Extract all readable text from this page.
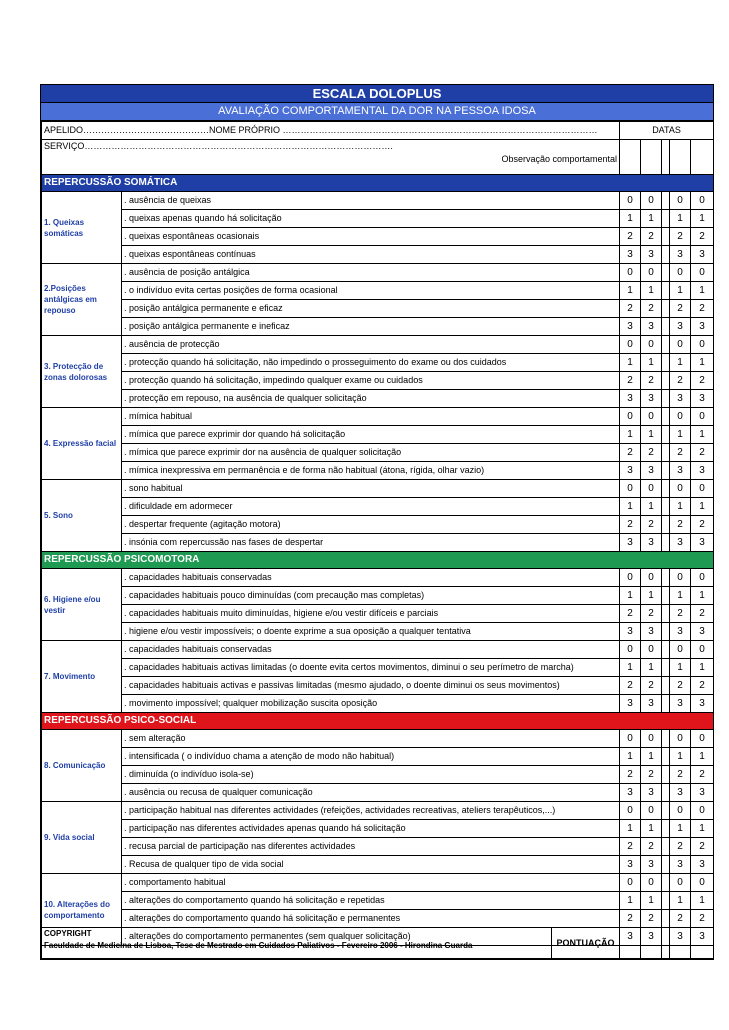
ESCALA DOLOPLUS
AVALIAÇÃO COMPORTAMENTAL DA DOR NA PESSOA IDOSA
APELIDO……………………………………NOME PRÓPRIO ……………………………………………………………………………………………		DATAS				

SERVIÇO………………………………………………………………………………………….
Observação comportamental						

REPERCUSSÃO SOMÁTICA						
1. Queixas somáticas	. ausência de queixas	0	0		0	0
	. queixas apenas quando há solicitação	1	1		1	1
	. queixas espontâneas ocasionais	2	2		2	2
	. queixas espontâneas contínuas	3	3		3	3
2.Posições antálgicas em repouso	. ausência de posição antálgica	0	0		0	0
	. o indivíduo evita certas posições de forma ocasional	1	1		1	1
	. posição antálgica permanente e eficaz	2	2		2	2
	. posição antálgica permanente e ineficaz	3	3		3	3
3. Protecção de zonas dolorosas	. ausência de protecção	0	0		0	0
	. protecção quando há solicitação, não impedindo o prosseguimento do exame ou dos cuidados	1	1		1	1
	. protecção quando há solicitação, impedindo qualquer exame ou cuidados	2	2		2	2
	. protecção em repouso, na ausência de qualquer solicitação	3	3		3	3
4. Expressão facial	. mímica habitual	0	0		0	0
	. mímica que parece exprimir dor quando há solicitação	1	1		1	1
	. mímica que parece exprimir dor na ausência de qualquer solicitação	2	2		2	2
	. mímica inexpressiva em permanência e de forma não habitual (átona, rígida, olhar vazio)	3	3		3	3
5. Sono	. sono habitual	0	0		0	0
	. dificuldade em adormecer	1	1		1	1
	. despertar frequente (agitação motora)	2	2		2	2
	. insónia com repercussão nas fases de despertar	3	3		3	3
REPERCUSSÃO PSICOMOTORA						
6. Higiene e/ou vestir	. capacidades habituais conservadas	0	0		0	0
	. capacidades habituais pouco diminuídas (com precaução mas completas)	1	1		1	1
	. capacidades habituais muito diminuídas, higiene e/ou vestir difíceis e parciais	2	2		2	2
	. higiene e/ou vestir impossíveis; o doente exprime a sua oposição a qualquer tentativa	3	3		3	3
7. Movimento	. capacidades habituais conservadas	0	0		0	0
	. capacidades habituais activas limitadas (o doente evita certos movimentos, diminui o seu perímetro de marcha)	1	1		1	1
	. capacidades habituais activas e passivas limitadas (mesmo ajudado, o doente diminui os seus movimentos)	2	2		2	2
	. movimento impossível; qualquer mobilização suscita oposição	3	3		3	3
REPERCUSSÃO PSICO-SOCIAL						
8. Comunicação	. sem alteração	0	0		0	0
	. intensificada ( o indivíduo chama a atenção de modo não habitual)	1	1		1	1
	. diminuída (o indivíduo isola-se)	2	2		2	2
	. ausência ou recusa de qualquer comunicação	3	3		3	3
9. Vida social	. participação habitual nas diferentes actividades (refeições, actividades recreativas, ateliers terapêuticos,...)	0	0		0	0
	. participação nas diferentes actividades apenas quando há solicitação	1	1		1	1
	. recusa parcial de participação nas diferentes actividades	2	2		2	2
	. Recusa de qualquer tipo de vida social	3	3		3	3
10. Alterações do comportamento	. comportamento habitual	0	0		0	0
	. alterações do comportamento quando há solicitação e repetidas	1	1		1	1
	. alterações do comportamento quando há solicitação e permanentes	2	2		2	2
	. alterações do comportamento permanentes (sem qualquer solicitação)	3	3		3	3
COPYRIGHT
Faculdade de Medicina de Lisboa, Tese de Mestrado em Cuidados Paliativos - Fevereiro 2006 - Hirondina Guarda	PONTUAÇÃO					
